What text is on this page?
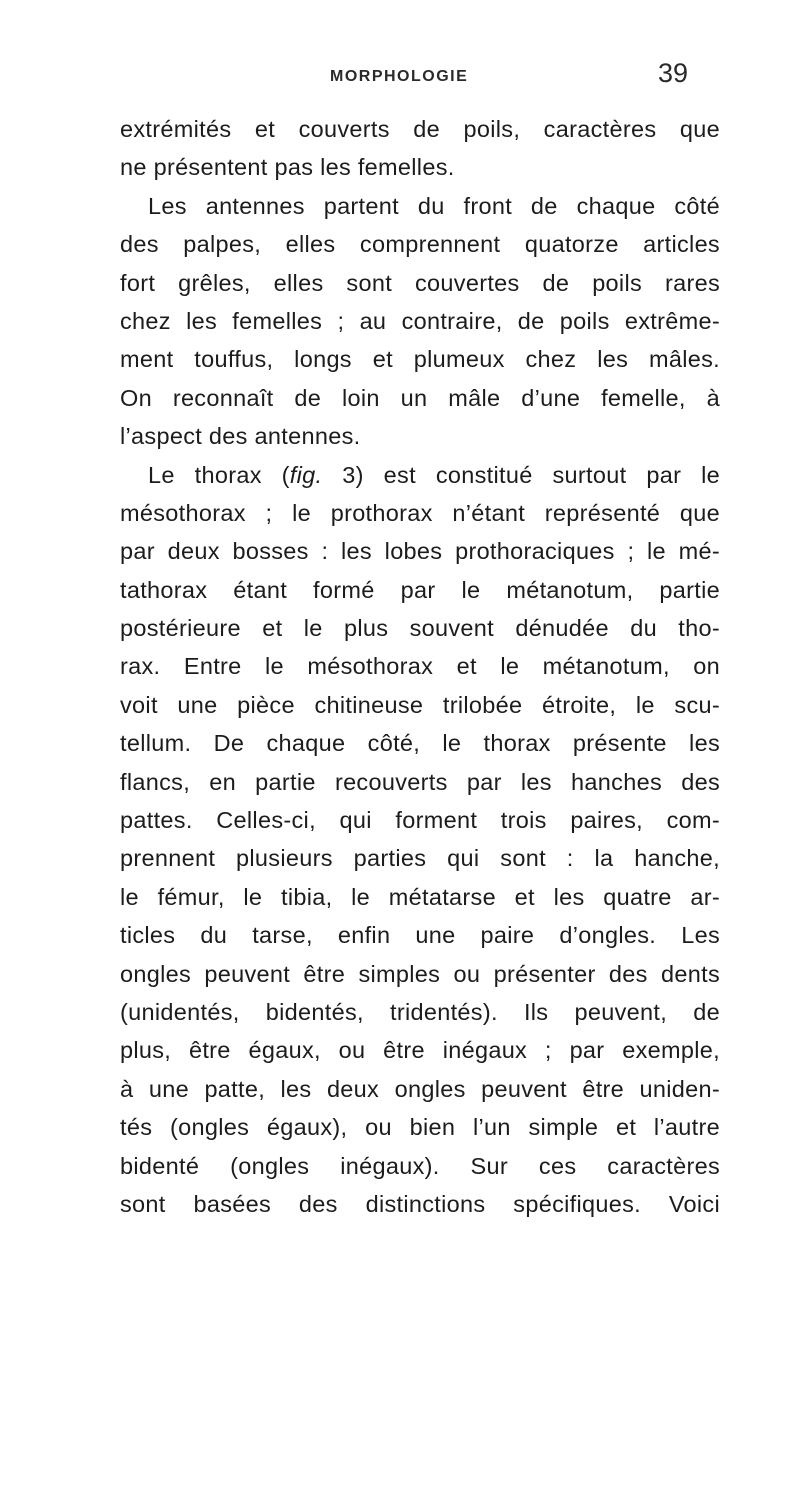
MORPHOLOGIE	39
extrémités et couverts de poils, caractères que
ne présentent pas les femelles.
Les antennes partent du front de chaque côté
des palpes, elles comprennent quatorze articles
fort grêles, elles sont couvertes de poils rares
chez les femelles ; au contraire, de poils extrême-
ment touffus, longs et plumeux chez les mâles.
On reconnaît de loin un mâle d’une femelle, à
l’aspect des antennes.
Le thorax (fig. 3) est constitué surtout par le
mésothorax ; le prothorax n’étant représenté que
par deux bosses : les lobes prothoraciques ; le mé-
tathorax étant formé par le métanotum, partie
postérieure et le plus souvent dénudée du tho-
rax. Entre le mésothorax et le métanotum, on
voit une pièce chitineuse trilobée étroite, le scu-
tellum. De chaque côté, le thorax présente les
flancs, en partie recouverts par les hanches des
pattes. Celles-ci, qui forment trois paires, com-
prennent plusieurs parties qui sont : la hanche,
le fémur, le tibia, le métatarse et les quatre ar-
ticles du tarse, enfin une paire d’ongles. Les
ongles peuvent être simples ou présenter des dents
(unidentés, bidentés, tridentés). Ils peuvent, de
plus, être égaux, ou être inégaux ; par exemple,
à une patte, les deux ongles peuvent être uniden-
tés (ongles égaux), ou bien l’un simple et l’autre
bidenté (ongles inégaux). Sur ces caractères
sont basées des distinctions spécifiques. Voici
